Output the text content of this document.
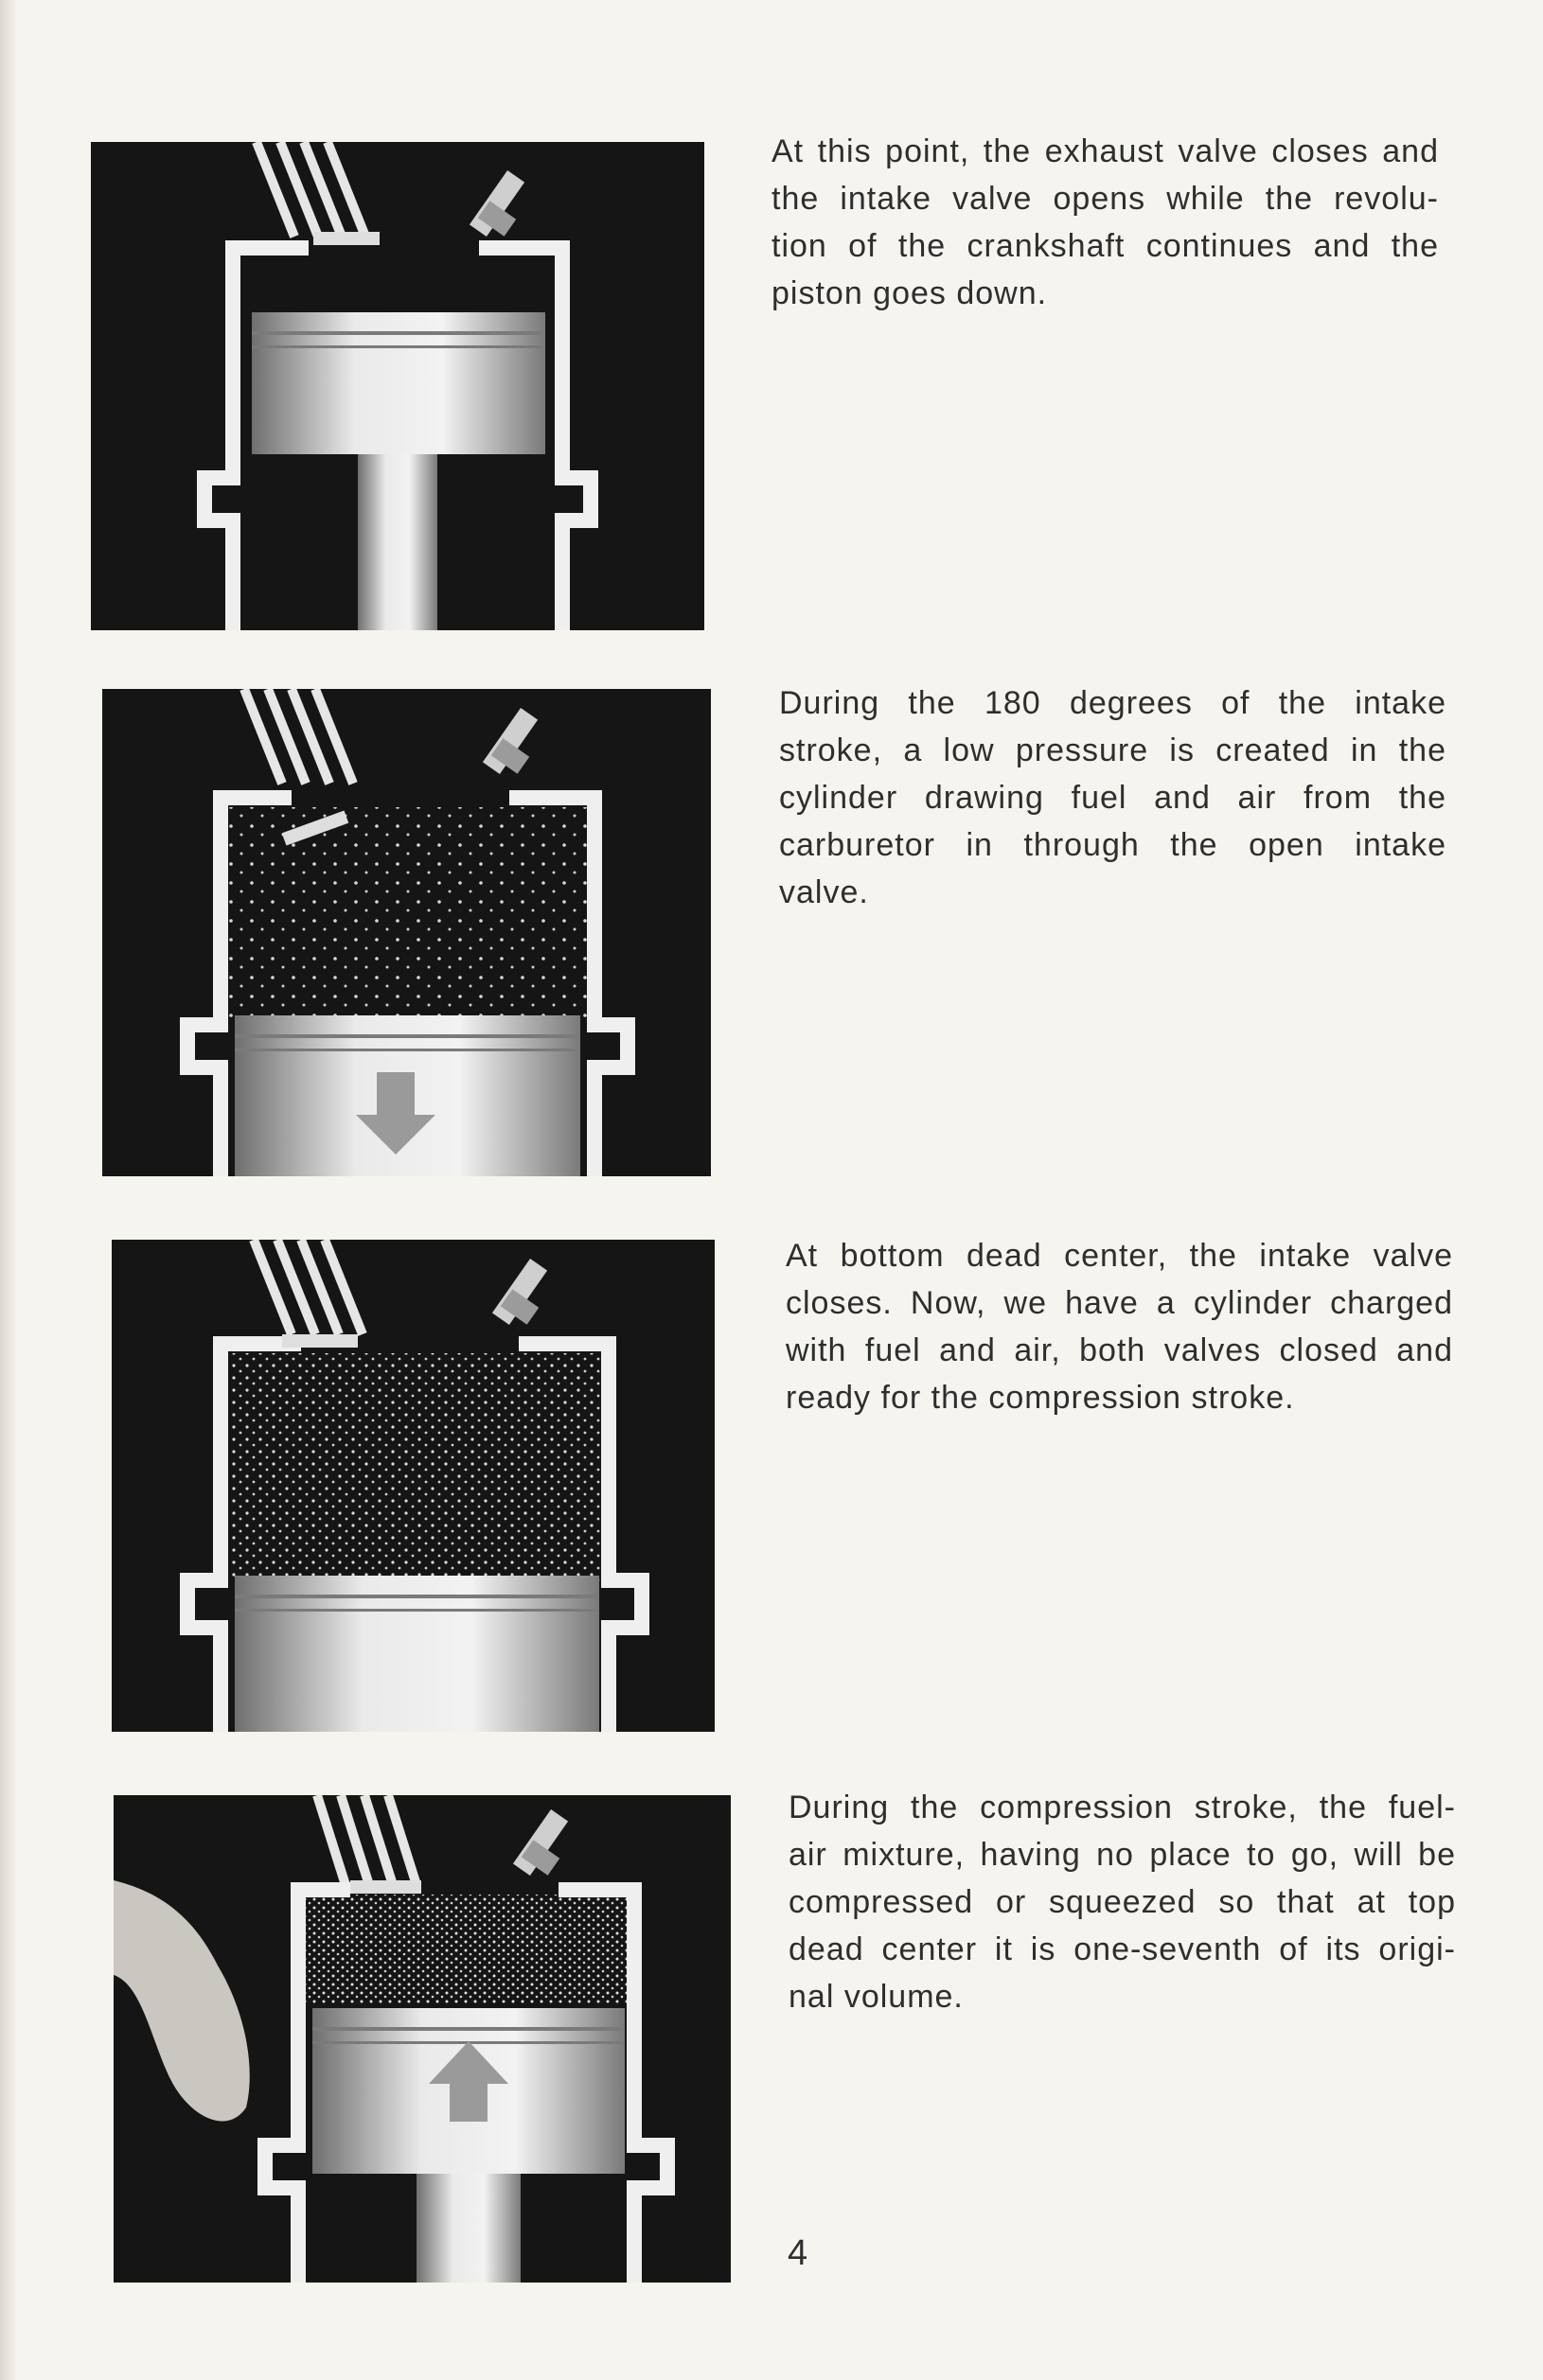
At this point, the exhaust valve closes and
the intake valve opens while the revolu-
tion of the crankshaft continues and the
piston goes down.
During the 180 degrees of the intake
stroke, a low pressure is created in the
cylinder drawing fuel and air from the
carburetor in through the open intake
valve.
At bottom dead center, the intake valve
closes. Now, we have a cylinder charged
with fuel and air, both valves closed and
ready for the compression stroke.
During the compression stroke, the fuel-
air mixture, having no place to go, will be
compressed or squeezed so that at top
dead center it is one-seventh of its origi-
nal volume.
4
